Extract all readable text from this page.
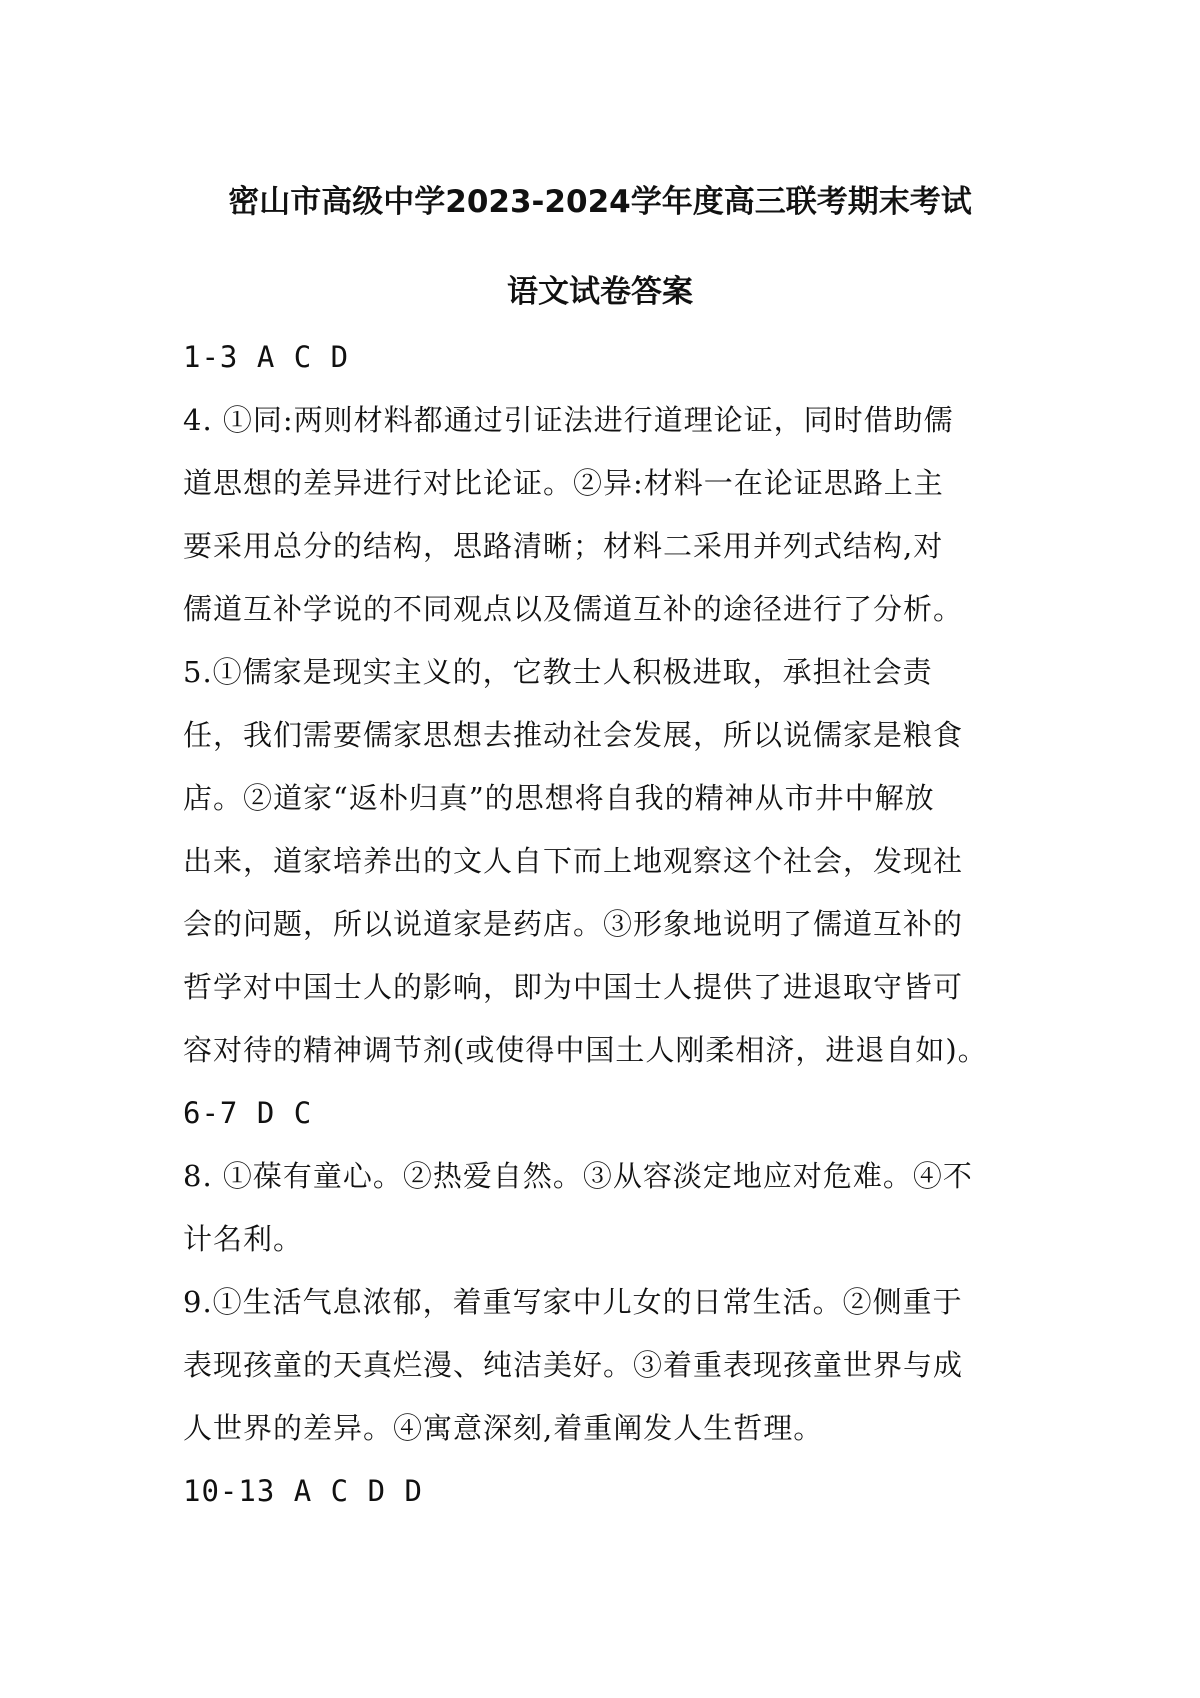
密山市高级中学2023-2024学年度高三联考期末考试
语文试卷答案
1-3 A C D
4. ①同:两则材料都通过引证法进行道理论证，同时借助儒
道思想的差异进行对比论证。②异:材料一在论证思路上主
要采用总分的结构，思路清晰；材料二采用并列式结构,对
儒道互补学说的不同观点以及儒道互补的途径进行了分析。
5.①儒家是现实主义的，它教士人积极进取，承担社会责
任，我们需要儒家思想去推动社会发展，所以说儒家是粮食
店。②道家“返朴归真”的思想将自我的精神从市井中解放
出来，道家培养出的文人自下而上地观察这个社会，发现社
会的问题，所以说道家是药店。③形象地说明了儒道互补的
哲学对中国士人的影响，即为中国士人提供了进退取守皆可
容对待的精神调节剂(或使得中国土人刚柔相济，进退自如)。
6-7 D C
8. ①葆有童心。②热爱自然。③从容淡定地应对危难。④不
计名利。
9.①生活气息浓郁，着重写家中儿女的日常生活。②侧重于
表现孩童的天真烂漫、纯洁美好。③着重表现孩童世界与成
人世界的差异。④寓意深刻,着重阐发人生哲理。
10-13 A C D D
